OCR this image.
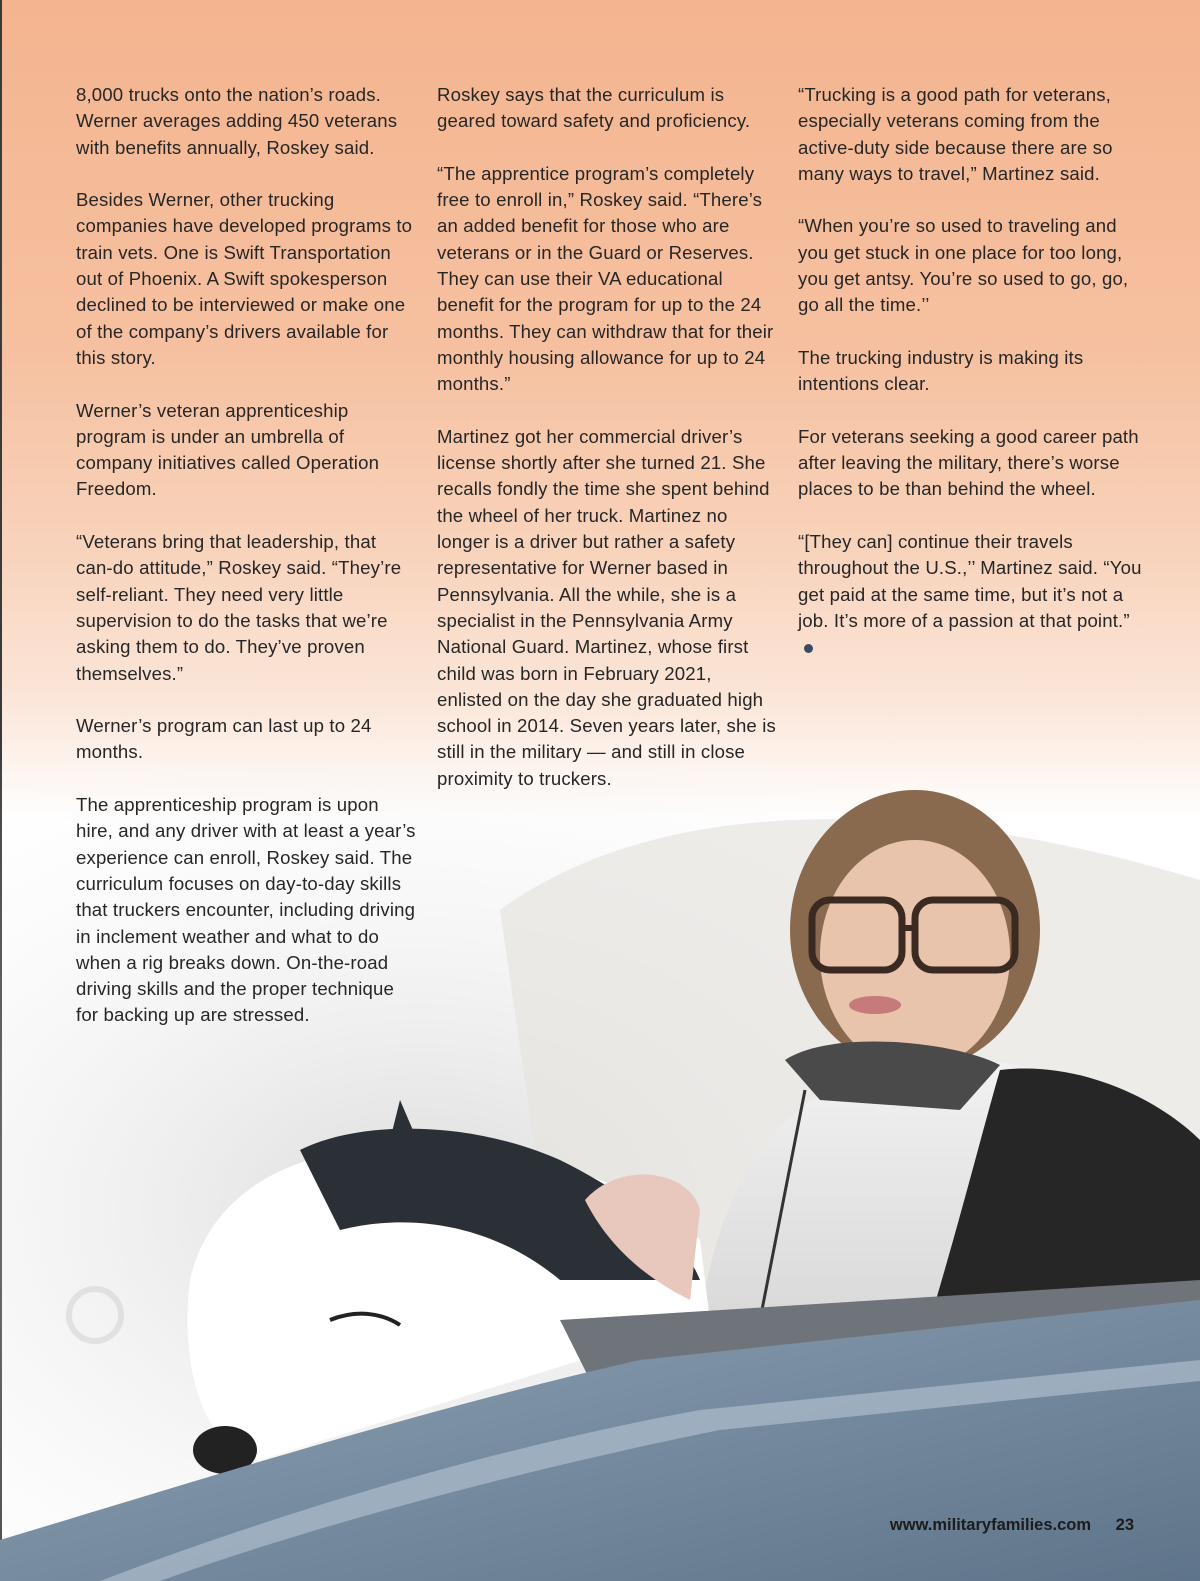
8,000 trucks onto the nation’s roads. Werner averages adding 450 veterans with benefits annually, Roskey said.

Besides Werner, other trucking companies have developed programs to train vets. One is Swift Transportation out of Phoenix. A Swift spokesperson declined to be interviewed or make one of the company’s drivers available for this story.

Werner’s veteran apprenticeship program is under an umbrella of company initiatives called Operation Freedom.

“Veterans bring that leadership, that can-do attitude,” Roskey said. “They’re self-reliant. They need very little supervision to do the tasks that we’re asking them to do. They’ve proven themselves.”

Werner’s program can last up to 24 months.

The apprenticeship program is upon hire, and any driver with at least a year’s experience can enroll, Roskey said. The curriculum focuses on day-to-day skills that truckers encounter, including driving in inclement weather and what to do when a rig breaks down. On-the-road driving skills and the proper technique for backing up are stressed.

Roskey says that the curriculum is geared toward safety and proficiency.

“The apprentice program’s completely free to enroll in,” Roskey said. “There’s an added benefit for those who are veterans or in the Guard or Reserves. They can use their VA educational benefit for the program for up to the 24 months. They can withdraw that for their monthly housing allowance for up to 24 months.”

Martinez got her commercial driver’s license shortly after she turned 21. She recalls fondly the time she spent behind the wheel of her truck. Martinez no longer is a driver but rather a safety representative for Werner based in Pennsylvania. All the while, she is a specialist in the Pennsylvania Army National Guard. Martinez, whose first child was born in February 2021, enlisted on the day she graduated high school in 2014. Seven years later, she is still in the military — and still in close proximity to truckers.

“Trucking is a good path for veterans, especially veterans coming from the active-duty side because there are so many ways to travel,” Martinez said.

“When you’re so used to traveling and you get stuck in one place for too long, you get antsy. You’re so used to go, go, go all the time.’’

The trucking industry is making its intentions clear.

For veterans seeking a good career path after leaving the military, there’s worse places to be than behind the wheel.

“[They can] continue their travels throughout the U.S.,’’ Martinez said. “You get paid at the same time, but it’s not a job. It’s more of a passion at that point.”

www.militaryfamilies.com 23
